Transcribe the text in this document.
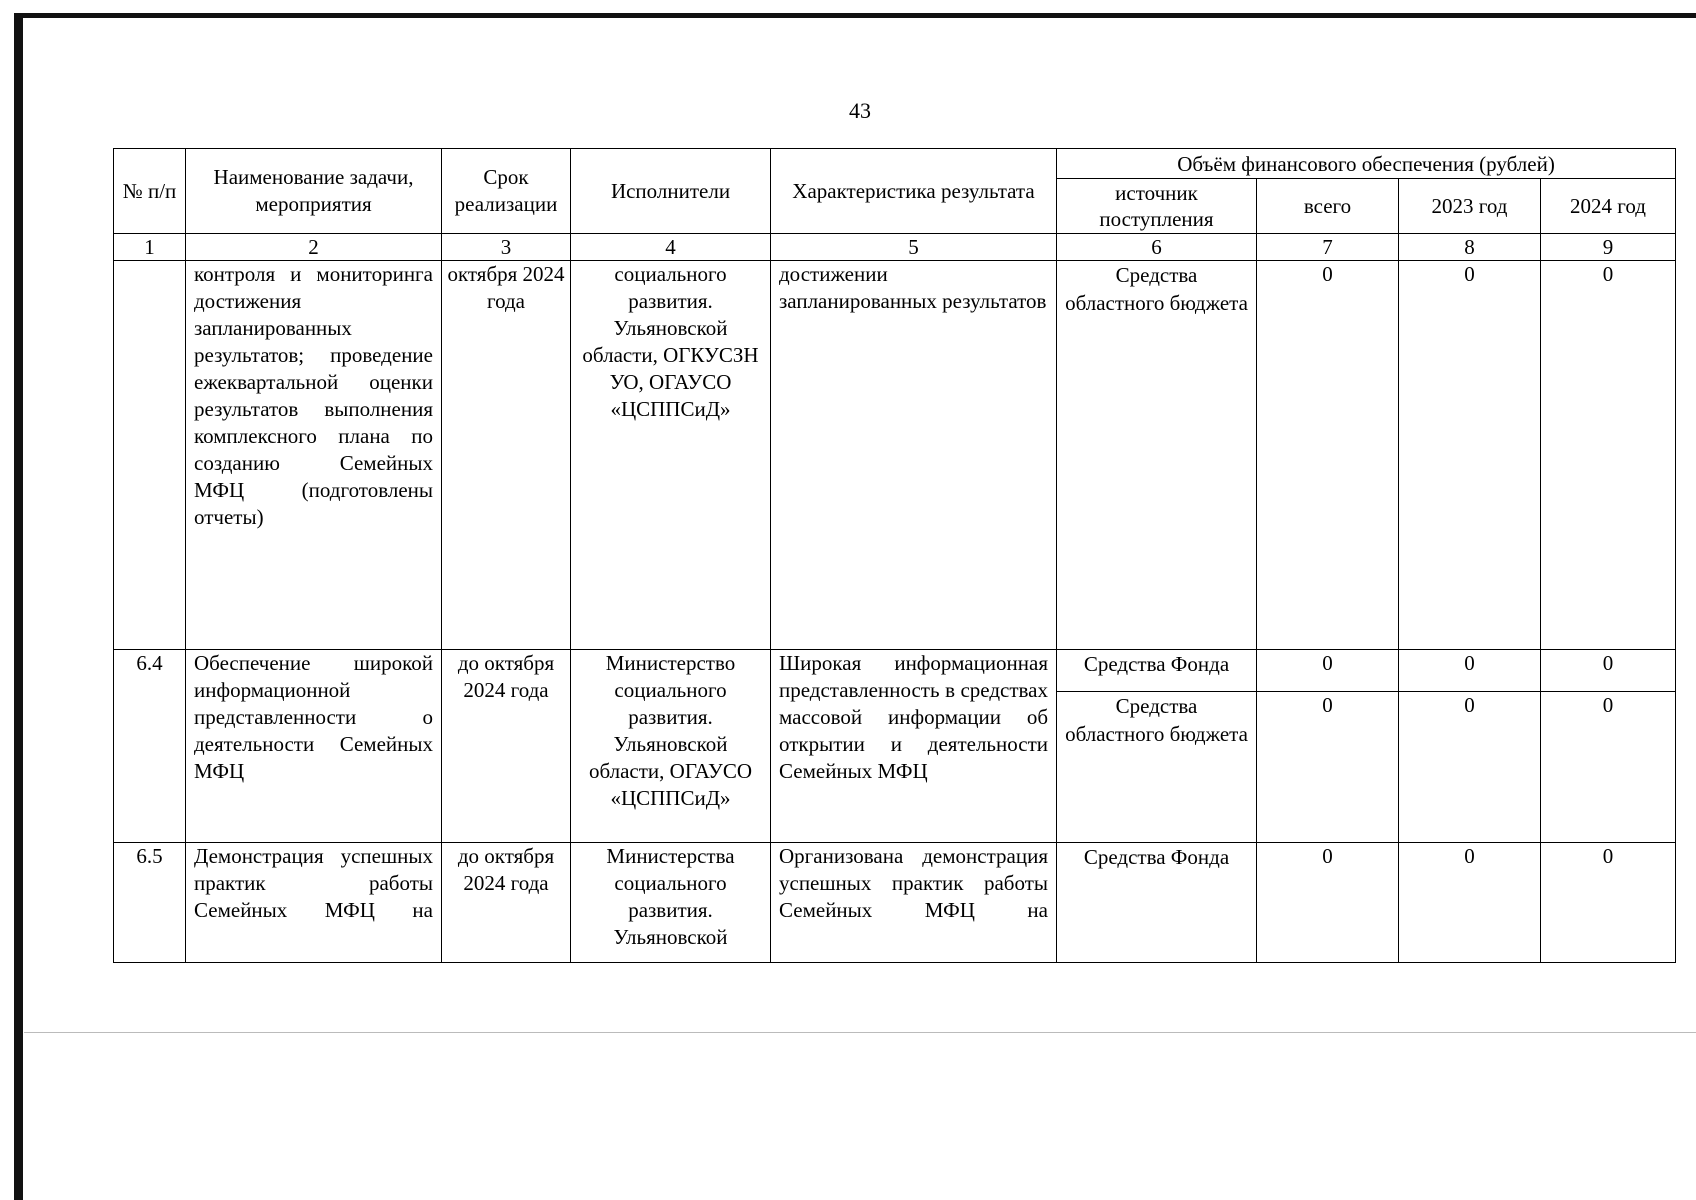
43
№ п/п	Наименование задачи, мероприятия	Срок реализации	Исполнители	Характеристика результата	Объём финансового обеспечения (рублей)			
					источник поступления	всего	2023 год	2024 год
1	2	3	4	5	6	7	8	9
	контроля и мониторинга достижения запланированных результатов; проведение ежеквартальной оценки результатов выполнения комплексного плана по созданию Семейных МФЦ (подготовлены отчеты)	октября 2024 года	социального развития. Ульяновской области, ОГКУСЗН УО, ОГАУСО «ЦСППСиД»	достижении запланированных результатов	Средства областного бюджета	0	0	0
6.4	Обеспечение широкой информационной представленности о деятельности Семейных МФЦ	до октября 2024 года	Министерство социального развития. Ульяновской области, ОГАУСО «ЦСППСиД»	Широкая информационная представленность в средствах массовой информации об открытии и деятельности Семейных МФЦ	Средства Фонда	0	0	0
					Средства областного бюджета	0	0	0
6.5	Демонстрация успешных практик работы Семейных МФЦ на	до октября 2024 года	Министерства социального развития. Ульяновской	Организована демонстрация успешных практик работы Семейных МФЦ на	Средства Фонда	0	0	0
